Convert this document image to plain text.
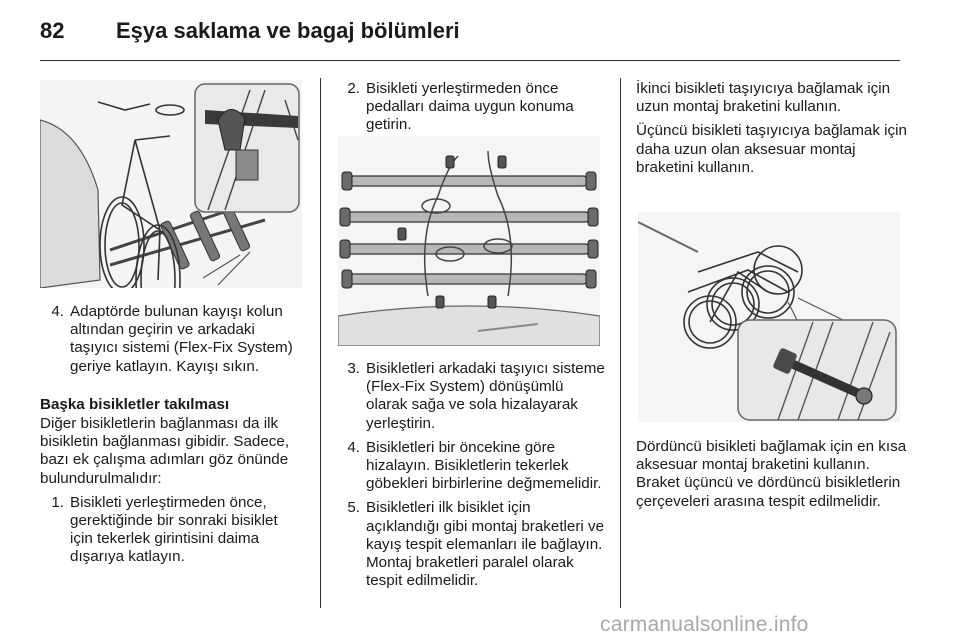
82 Eşya saklama ve bagaj bölümleri
4. Adaptörde bulunan kayışı kolun altından geçirin ve arkadaki taşıyıcı sistemi (Flex-Fix System) geriye katlayın. Kayışı sıkın.
Başka bisikletler takılması
Diğer bisikletlerin bağlanması da ilk bisikletin bağlanması gibidir. Sadece, bazı ek çalışma adımları göz önünde bulundurulmalıdır:
1. Bisikleti yerleştirmeden önce, gerektiğinde bir sonraki bisiklet için tekerlek girintisini daima dışarıya katlayın.
2. Bisikleti yerleştirmeden önce pedalları daima uygun konuma getirin.
3. Bisikletleri arkadaki taşıyıcı sisteme (Flex-Fix System) dönüşümlü olarak sağa ve sola hizalayarak yerleştirin.
4. Bisikletleri bir öncekine göre hizalayın. Bisikletlerin tekerlek göbekleri birbirlerine değmemelidir.
5. Bisikletleri ilk bisiklet için açıklandığı gibi montaj braketleri ve kayış tespit elemanları ile bağlayın. Montaj braketleri paralel olarak tespit edilmelidir.
İkinci bisikleti taşıyıcıya bağlamak için uzun montaj braketini kullanın.
Üçüncü bisikleti taşıyıcıya bağlamak için daha uzun olan aksesuar montaj braketini kullanın.
Dördüncü bisikleti bağlamak için en kısa aksesuar montaj braketini kullanın. Braket üçüncü ve dördüncü bisikletlerin çerçeveleri arasına tespit edilmelidir.
carmanualsonline.info
